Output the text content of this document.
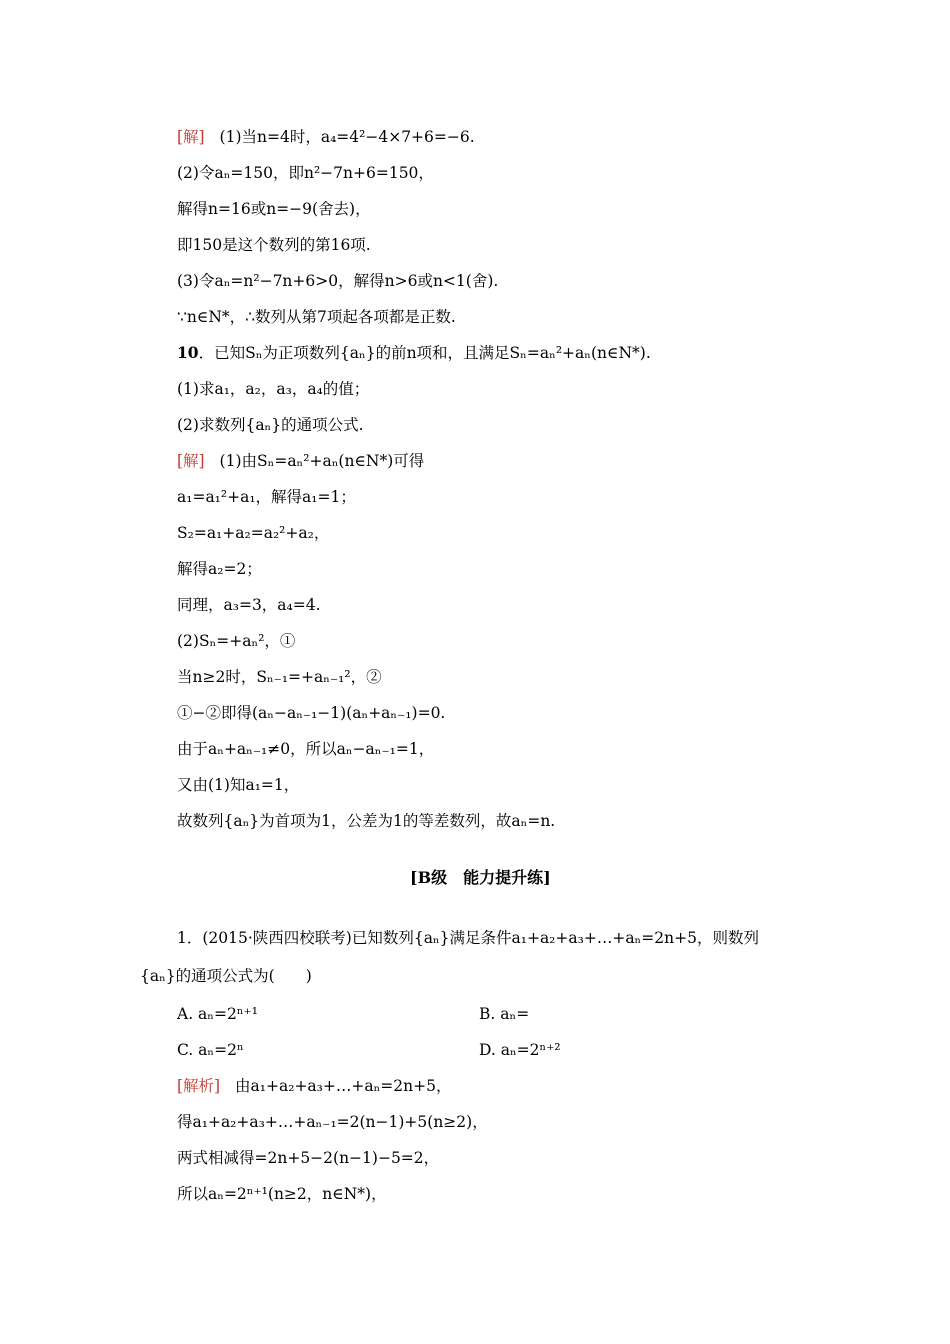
[解] (1)当n=4时，a₄=4²−4×7+6=−6.
(2)令aₙ=150，即n²−7n+6=150，
解得n=16或n=−9(舍去)，
即150是这个数列的第16项.
(3)令aₙ=n²−7n+6>0，解得n>6或n<1(舍).
∵n∈N*，∴数列从第7项起各项都是正数.
10．已知Sₙ为正项数列{aₙ}的前n项和，且满足Sₙ=aₙ²+aₙ(n∈N*).
(1)求a₁，a₂，a₃，a₄的值；
(2)求数列{aₙ}的通项公式.
[解] (1)由Sₙ=aₙ²+aₙ(n∈N*)可得
a₁=a₁²+a₁，解得a₁=1；
S₂=a₁+a₂=a₂²+a₂，
解得a₂=2；
同理，a₃=3，a₄=4.
(2)Sₙ=+aₙ²，①
当n≥2时，Sₙ₋₁=+aₙ₋₁²，②
①−②即得(aₙ−aₙ₋₁−1)(aₙ+aₙ₋₁)=0.
由于aₙ+aₙ₋₁≠0，所以aₙ−aₙ₋₁=1，
又由(1)知a₁=1，
故数列{aₙ}为首项为1，公差为1的等差数列，故aₙ=n.
[B级　能力提升练]
1．(2015·陕西四校联考)已知数列{aₙ}满足条件a₁+a₂+a₃+…+aₙ=2n+5，则数列
{aₙ}的通项公式为(　　)
A. aₙ=2ⁿ⁺¹	B. aₙ=
C. aₙ=2ⁿ	D. aₙ=2ⁿ⁺²
[解析] 由a₁+a₂+a₃+…+aₙ=2n+5，
得a₁+a₂+a₃+…+aₙ₋₁=2(n−1)+5(n≥2)，
两式相减得=2n+5−2(n−1)−5=2，
所以aₙ=2ⁿ⁺¹(n≥2，n∈N*)，
